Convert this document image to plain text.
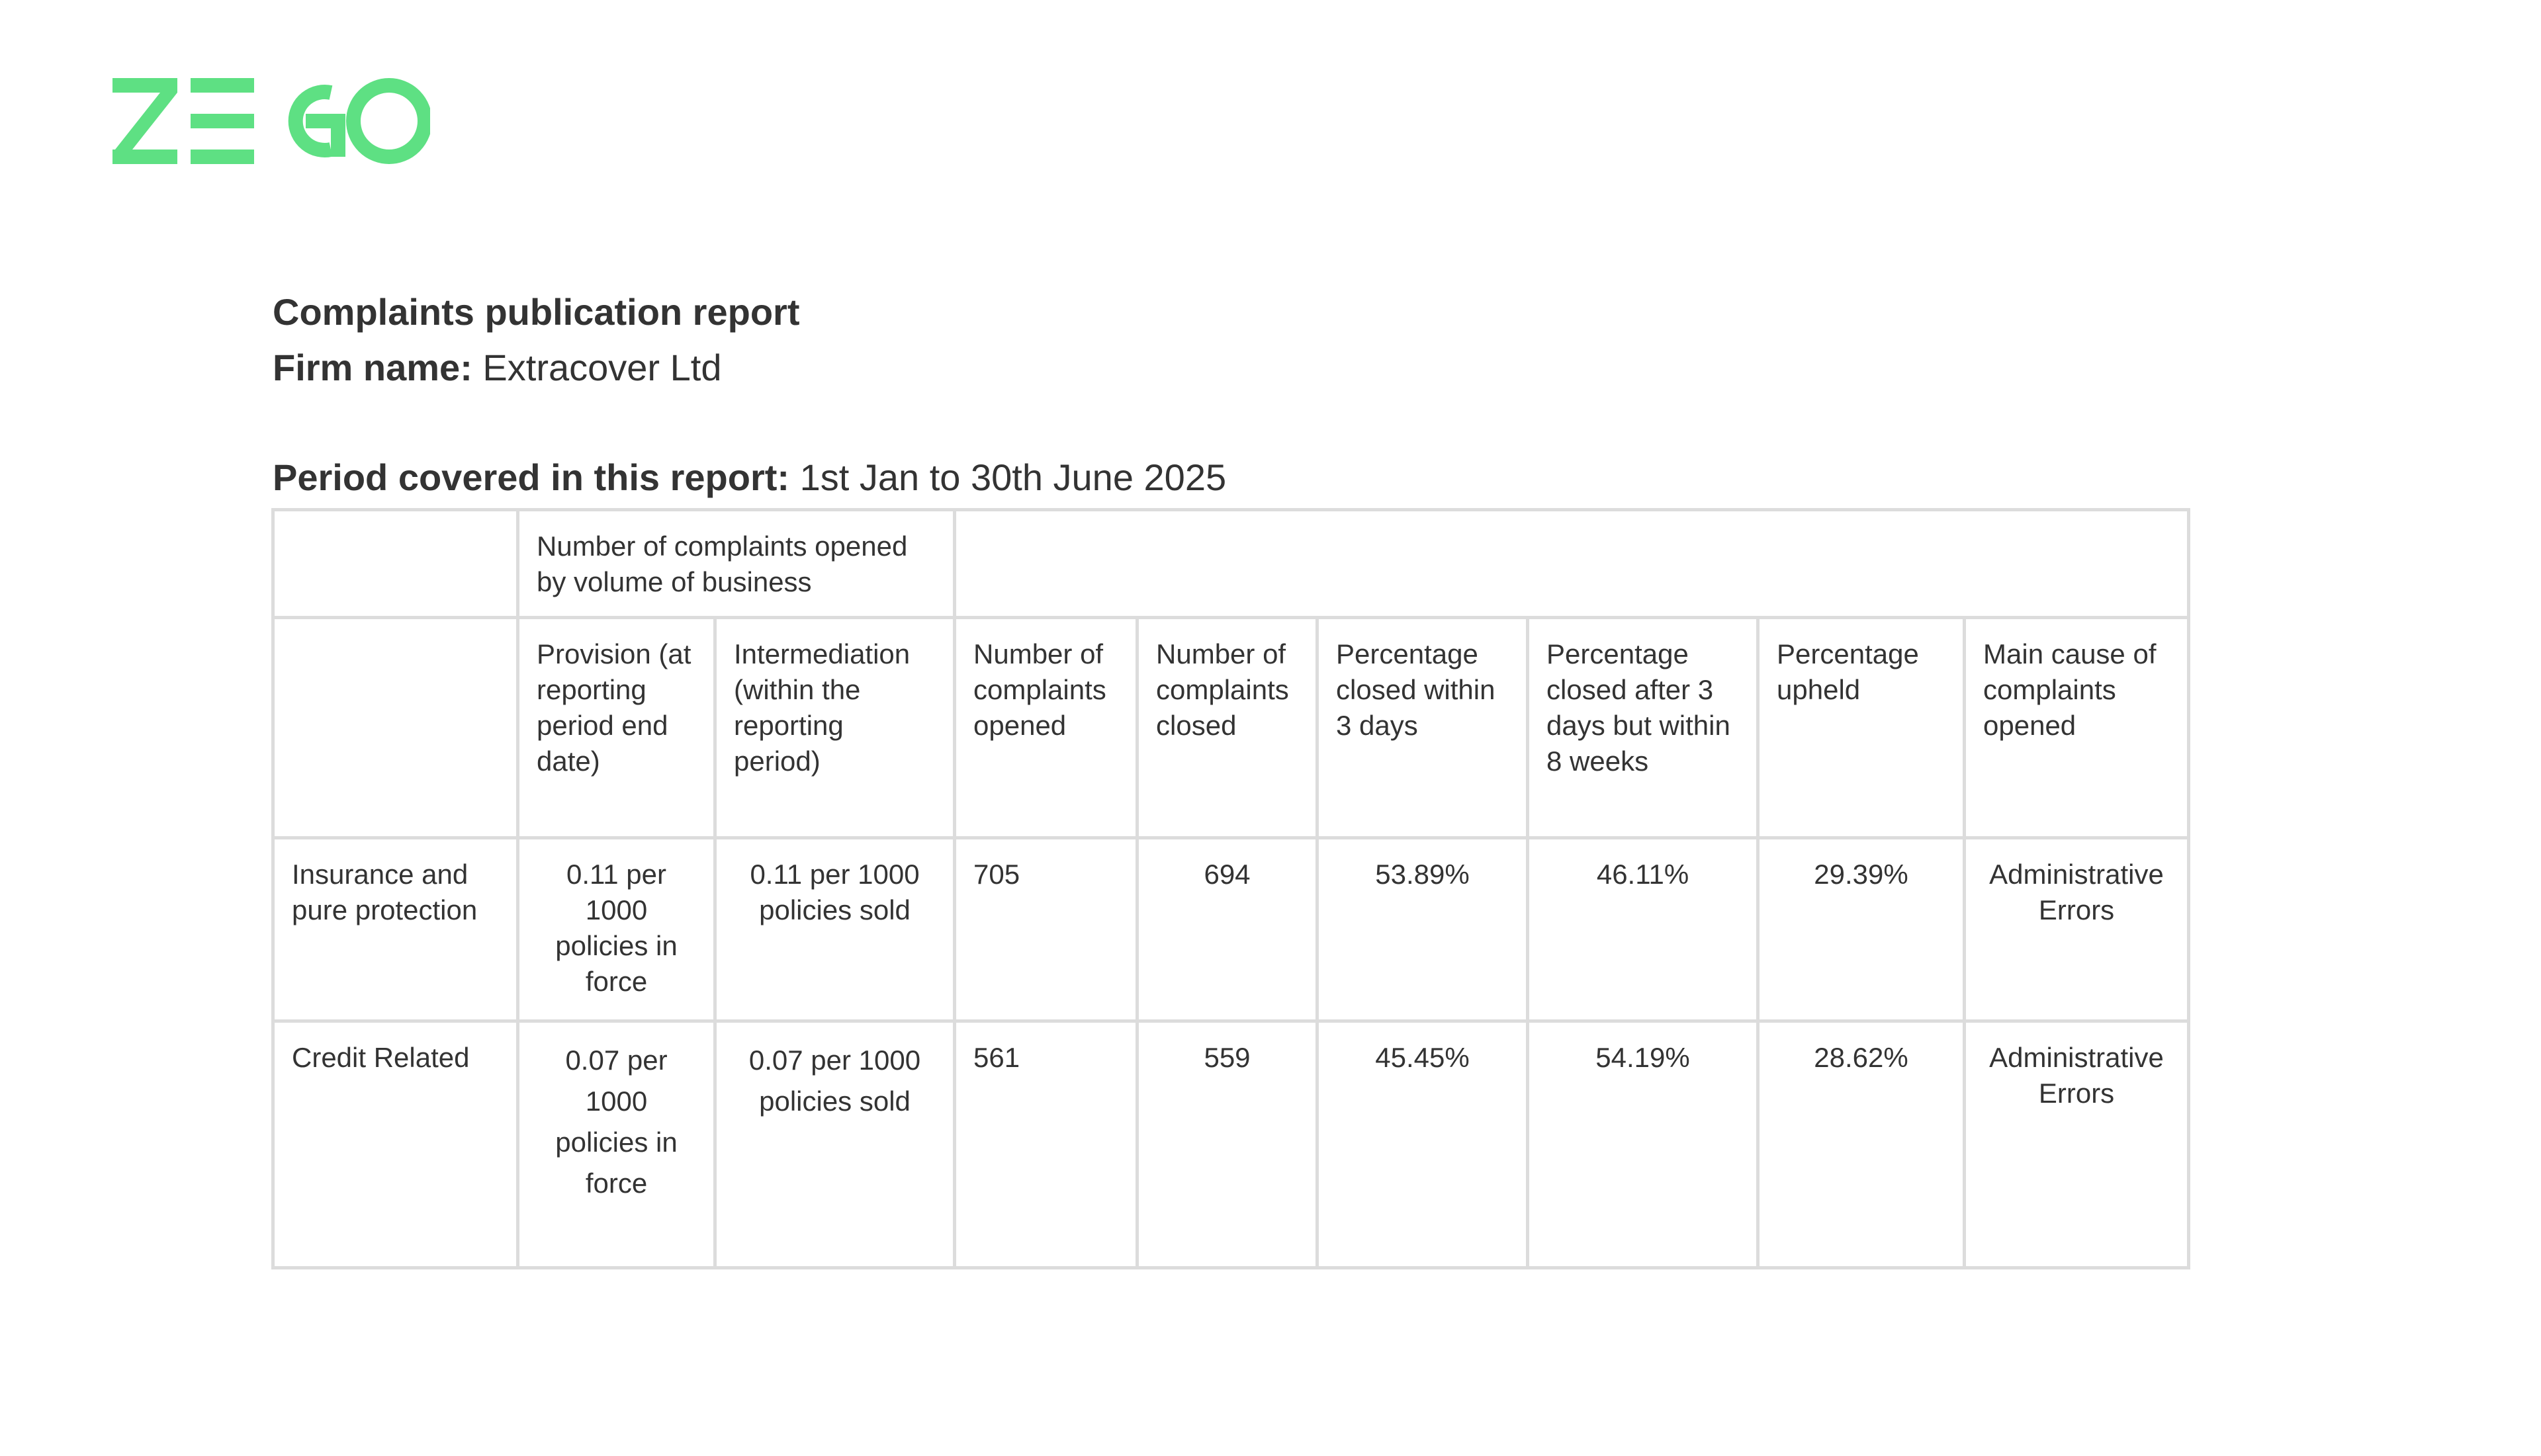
Complaints publication report
Firm name: Extracover Ltd
Period covered in this report: 1st Jan to 30th June 2025
	Number of complaints opened by volume of business							
	Provision (at reporting period end date)	Intermediation (within the reporting period)	Number of complaints opened	Number of complaints closed	Percentage closed within 3 days	Percentage closed after 3 days but within 8 weeks	Percentage upheld	Main cause of complaints opened
Insurance and pure protection	0.11 per 1000 policies in force	0.11 per 1000 policies sold	705	694	53.89%	46.11%	29.39%	Administrative Errors
Credit Related	0.07 per 1000 policies in force	0.07 per 1000 policies sold	561	559	45.45%	54.19%	28.62%	Administrative Errors
